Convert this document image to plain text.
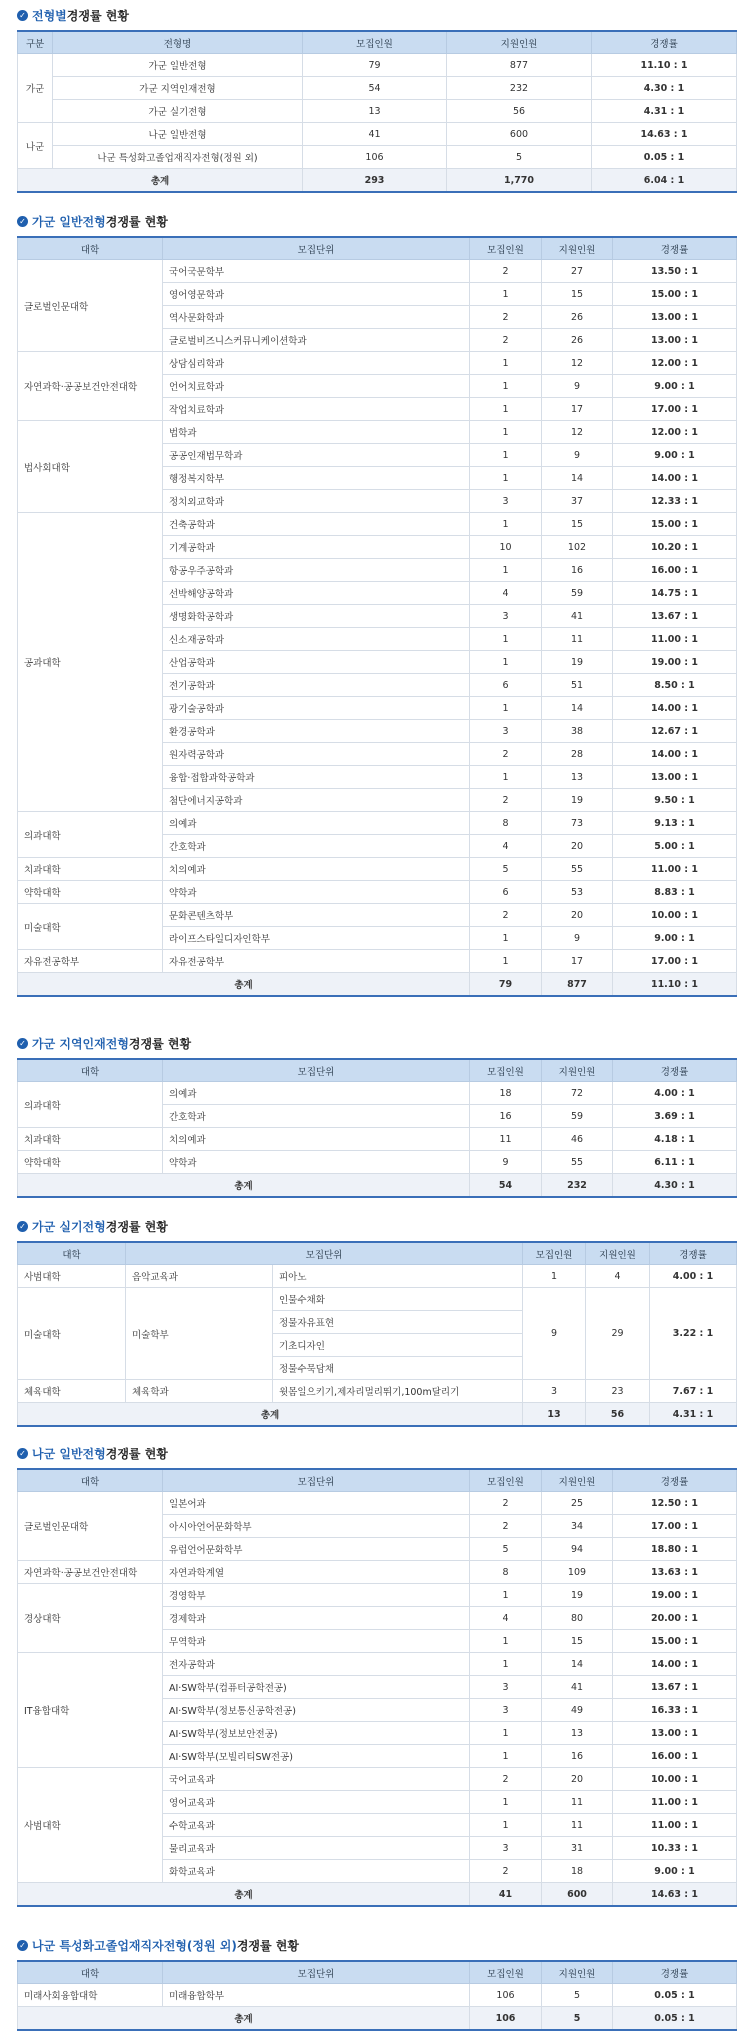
✓ 전형별 경쟁률 현황
구분	전형명	모집인원	지원인원	경쟁률
가군	가군 일반전형	79	877	11.10 : 1
	가군 지역인재전형	54	232	4.30 : 1
	가군 실기전형	13	56	4.31 : 1
나군	나군 일반전형	41	600	14.63 : 1
	나군 특성화고졸업재직자전형(정원 외)	106	5	0.05 : 1
총계		293	1,770	6.04 : 1
✓ 가군 일반전형 경쟁률 현황
대학	모집단위	모집인원	지원인원	경쟁률
글로벌인문대학	국어국문학부	2	27	13.50 : 1
	영어영문학과	1	15	15.00 : 1
	역사문화학과	2	26	13.00 : 1
	글로벌비즈니스커뮤니케이션학과	2	26	13.00 : 1
자연과학·공공보건안전대학	상담심리학과	1	12	12.00 : 1
	언어치료학과	1	9	9.00 : 1
	작업치료학과	1	17	17.00 : 1
법사회대학	법학과	1	12	12.00 : 1
	공공인재법무학과	1	9	9.00 : 1
	행정복지학부	1	14	14.00 : 1
	정치외교학과	3	37	12.33 : 1
공과대학	건축공학과	1	15	15.00 : 1
	기계공학과	10	102	10.20 : 1
	항공우주공학과	1	16	16.00 : 1
	선박해양공학과	4	59	14.75 : 1
	생명화학공학과	3	41	13.67 : 1
	신소재공학과	1	11	11.00 : 1
	산업공학과	1	19	19.00 : 1
	전기공학과	6	51	8.50 : 1
	광기술공학과	1	14	14.00 : 1
	환경공학과	3	38	12.67 : 1
	원자력공학과	2	28	14.00 : 1
	융합·접합과학공학과	1	13	13.00 : 1
	첨단에너지공학과	2	19	9.50 : 1
의과대학	의예과	8	73	9.13 : 1
	간호학과	4	20	5.00 : 1
치과대학	치의예과	5	55	11.00 : 1
약학대학	약학과	6	53	8.83 : 1
미술대학	문화콘텐츠학부	2	20	10.00 : 1
	라이프스타일디자인학부	1	9	9.00 : 1
자유전공학부	자유전공학부	1	17	17.00 : 1
총계		79	877	11.10 : 1
✓ 가군 지역인재전형 경쟁률 현황
대학	모집단위	모집인원	지원인원	경쟁률
의과대학	의예과	18	72	4.00 : 1
	간호학과	16	59	3.69 : 1
치과대학	치의예과	11	46	4.18 : 1
약학대학	약학과	9	55	6.11 : 1
총계		54	232	4.30 : 1
✓ 가군 실기전형 경쟁률 현황
대학	모집단위		모집인원	지원인원	경쟁률
사범대학	음악교육과	피아노	1	4	4.00 : 1
미술대학	미술학부	인물수채화	9	29	3.22 : 1
		정물자유표현			
		기초디자인			
		정물수묵담채			
체육대학	체육학과	윗몸일으키기,제자리멀리뛰기,100m달리기	3	23	7.67 : 1
총계			13	56	4.31 : 1
✓ 나군 일반전형 경쟁률 현황
대학	모집단위	모집인원	지원인원	경쟁률
글로벌인문대학	일본어과	2	25	12.50 : 1
	아시아언어문화학부	2	34	17.00 : 1
	유럽언어문화학부	5	94	18.80 : 1
자연과학·공공보건안전대학	자연과학계열	8	109	13.63 : 1
경상대학	경영학부	1	19	19.00 : 1
	경제학과	4	80	20.00 : 1
	무역학과	1	15	15.00 : 1
IT융합대학	전자공학과	1	14	14.00 : 1
	AI·SW학부(컴퓨터공학전공)	3	41	13.67 : 1
	AI·SW학부(정보통신공학전공)	3	49	16.33 : 1
	AI·SW학부(정보보안전공)	1	13	13.00 : 1
	AI·SW학부(모빌리티SW전공)	1	16	16.00 : 1
사범대학	국어교육과	2	20	10.00 : 1
	영어교육과	1	11	11.00 : 1
	수학교육과	1	11	11.00 : 1
	물리교육과	3	31	10.33 : 1
	화학교육과	2	18	9.00 : 1
총계		41	600	14.63 : 1
✓ 나군 특성화고졸업재직자전형(정원 외) 경쟁률 현황
대학	모집단위	모집인원	지원인원	경쟁률
미래사회융합대학	미래융합학부	106	5	0.05 : 1
총계		106	5	0.05 : 1
